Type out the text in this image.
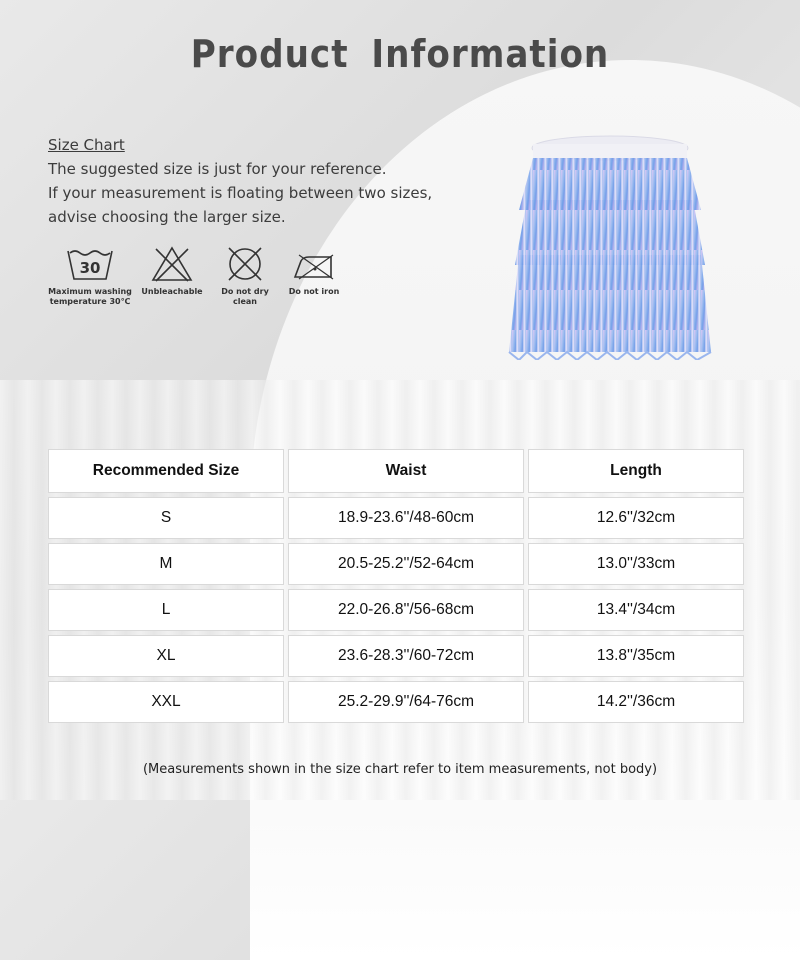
Product Information
Size Chart
The suggested size is just for your reference.
If your measurement is floating between two sizes,
advise choosing the larger size.
30
Maximum washing
temperature 30℃
Unbleachable	Do not dry clean
Do not iron
Recommended Size	Waist	Length
S	18.9-23.6''/48-60cm	12.6''/32cm
M	20.5-25.2''/52-64cm	13.0''/33cm
L	22.0-26.8''/56-68cm	13.4''/34cm
XL	23.6-28.3''/60-72cm	13.8''/35cm
XXL	25.2-29.9''/64-76cm	14.2''/36cm
(Measurements shown in the size chart refer to item measurements, not body)
